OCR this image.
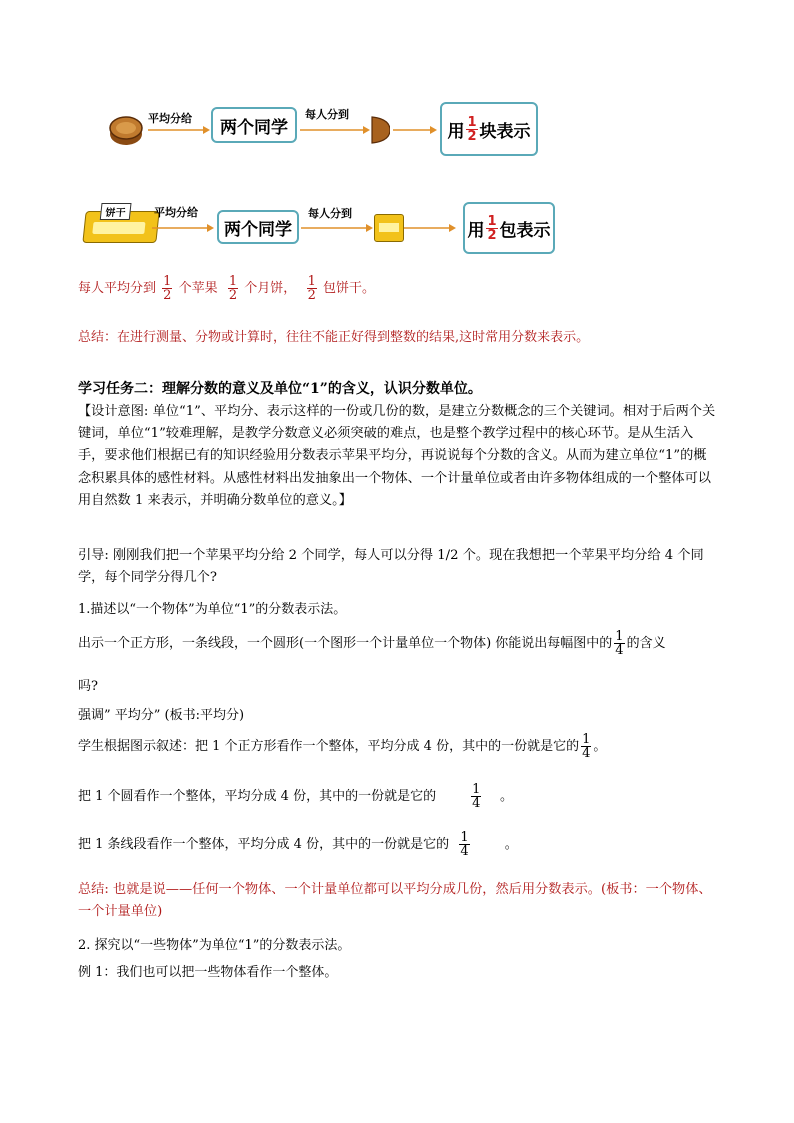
平均分给	两个同学
每人分到
用 $\frac{1}{2}$ 块表示
饼干	平均分给
两个同学
每人分到
用 $\frac{1}{2}$ 包表示
每人平均分到 $\frac{1}{2}$ 个苹果 $\frac{1}{2}$ 个月饼， $\frac{1}{2}$ 包饼干。
总结：在进行测量、分物或计算时，往往不能正好得到整数的结果,这时常用分数来表示。
学习任务二：理解分数的意义及单位“1”的含义，认识分数单位。
【设计意图: 单位“1”、平均分、表示这样的一份或几份的数，是建立分数概念的三个关键词。相对于后两个关键词，单位“1”较难理解，是教学分数意义必须突破的难点，也是整个教学过程中的核心环节。是从生活入手，要求他们根据已有的知识经验用分数表示苹果平均分，再说说每个分数的含义。从而为建立单位“1”的概念积累具体的感性材料。从感性材料出发抽象出一个物体、一个计量单位或者由许多物体组成的一个整体可以用自然数 1 来表示，并明确分数单位的意义。】
引导: 刚刚我们把一个苹果平均分给 2 个同学，每人可以分得 1/2 个。现在我想把一个苹果平均分给 4 个同学，每个同学分得几个?
1.描述以“一个物体”为单位“1”的分数表示法。
出示一个正方形，一条线段，一个圆形(一个图形一个计量单位一个物体) 你能说出每幅图中的 $\frac{1}{4}$ 的含义
吗?
强调” 平均分” (板书:平均分)
学生根据图示叙述：把 1 个正方形看作一个整体，平均分成 4 份，其中的一份就是它的 $\frac{1}{4}$ 。
把 1 个圆看作一个整体，平均分成 4 份，其中的一份就是它的	$\frac{1}{4}$ 。
把 1 条线段看作一个整体，平均分成 4 份，其中的一份就是它的 $\frac{1}{4}$	。
总结: 也就是说——任何一个物体、一个计量单位都可以平均分成几份，然后用分数表示。(板书：一个物体、一个计量单位)
2. 探究以“一些物体”为单位“1”的分数表示法。
例 1：我们也可以把一些物体看作一个整体。
